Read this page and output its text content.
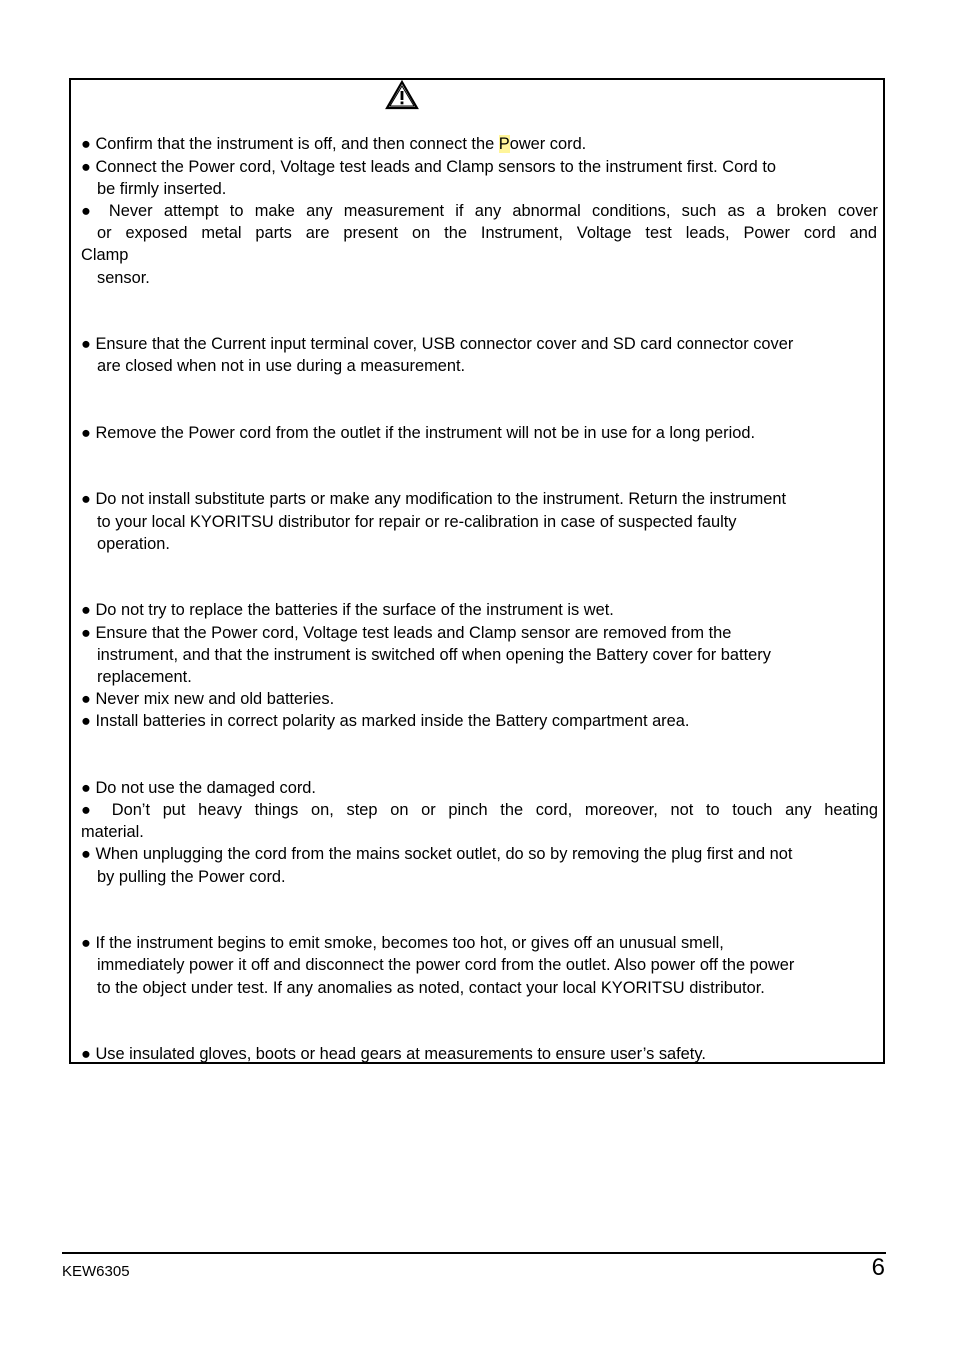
● Confirm that the instrument is off, and then connect the Power cord.
● Connect the Power cord, Voltage test leads and Clamp sensors to the instrument first. Cord to
be firmly inserted.
● Never attempt to make any measurement if any abnormal conditions, such as a broken cover
or exposed metal parts are present on the Instrument, Voltage test leads, Power cord and
Clamp
sensor.
● Ensure that the Current input terminal cover, USB connector cover and SD card connector cover
are closed when not in use during a measurement.
● Remove the Power cord from the outlet if the instrument will not be in use for a long period.
● Do not install substitute parts or make any modification to the instrument. Return the instrument
to your local KYORITSU distributor for repair or re-calibration in case of suspected faulty
operation.
● Do not try to replace the batteries if the surface of the instrument is wet.
● Ensure that the Power cord, Voltage test leads and Clamp sensor are removed from the
instrument, and that the instrument is switched off when opening the Battery cover for battery
replacement.
● Never mix new and old batteries.
● Install batteries in correct polarity as marked inside the Battery compartment area.
● Do not use the damaged cord.
● Don’t put heavy things on, step on or pinch the cord, moreover, not to touch any heating
material.
● When unplugging the cord from the mains socket outlet, do so by removing the plug first and not
by pulling the Power cord.
● If the instrument begins to emit smoke, becomes too hot, or gives off an unusual smell,
immediately power it off and disconnect the power cord from the outlet. Also power off the power
to the object under test. If any anomalies as noted, contact your local KYORITSU distributor.
● Use insulated gloves, boots or head gears at measurements to ensure user’s safety.
KEW6305	6
